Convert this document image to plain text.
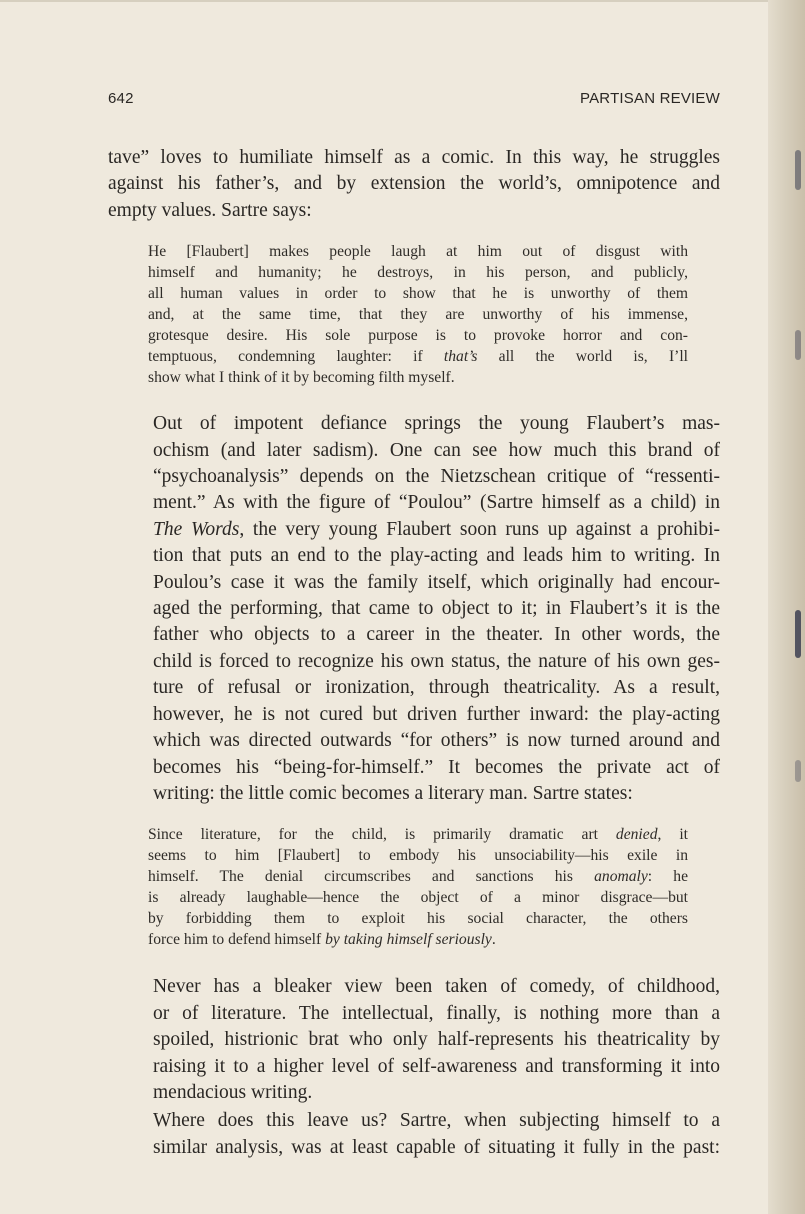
642	PARTISAN REVIEW

tave” loves to humiliate himself as a comic. In this way, he struggles
against his father’s, and by extension the world’s, omnipotence and
empty values. Sartre says:

He [Flaubert] makes people laugh at him out of disgust with
himself and humanity; he destroys, in his person, and publicly,
all human values in order to show that he is unworthy of them
and, at the same time, that they are unworthy of his immense,
grotesque desire. His sole purpose is to provoke horror and con-
temptuous, condemning laughter: if that’s all the world is, I’ll
show what I think of it by becoming filth myself.

Out of impotent defiance springs the young Flaubert’s mas-
ochism (and later sadism). One can see how much this brand of
“psychoanalysis” depends on the Nietzschean critique of “ressenti-
ment.” As with the figure of “Poulou” (Sartre himself as a child) in
The Words, the very young Flaubert soon runs up against a prohibi-
tion that puts an end to the play-acting and leads him to writing. In
Poulou’s case it was the family itself, which originally had encour-
aged the performing, that came to object to it; in Flaubert’s it is the
father who objects to a career in the theater. In other words, the
child is forced to recognize his own status, the nature of his own ges-
ture of refusal or ironization, through theatricality. As a result,
however, he is not cured but driven further inward: the play-acting
which was directed outwards “for others” is now turned around and
becomes his “being-for-himself.” It becomes the private act of
writing: the little comic becomes a literary man. Sartre states:

Since literature, for the child, is primarily dramatic art denied, it
seems to him [Flaubert] to embody his unsociability—his exile in
himself. The denial circumscribes and sanctions his anomaly: he
is already laughable—hence the object of a minor disgrace—but
by forbidding them to exploit his social character, the others
force him to defend himself by taking himself seriously.

Never has a bleaker view been taken of comedy, of childhood,
or of literature. The intellectual, finally, is nothing more than a
spoiled, histrionic brat who only half-represents his theatricality by
raising it to a higher level of self-awareness and transforming it into
mendacious writing.

Where does this leave us? Sartre, when subjecting himself to a
similar analysis, was at least capable of situating it fully in the past:
